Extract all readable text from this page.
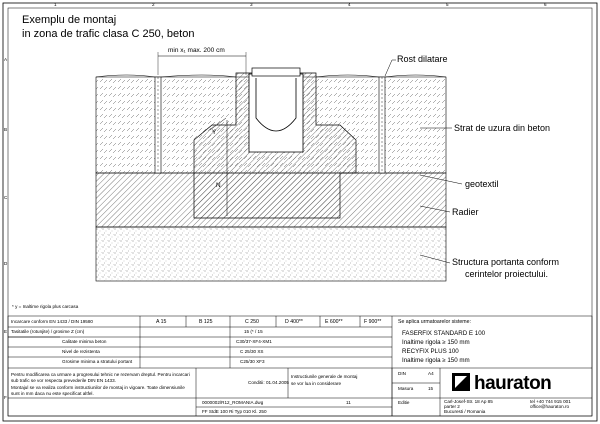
Exemplu de montaj
in zona de trafic clasa C 250, beton
min x₁ max. 200 cm
Rost dilatare
Strat de uzura din beton
geotextil
Radier
Structura portanta conform
cerintelor proiectului.
Y
N
* y = Inaltime rigola plus carcasa
A
B
C
D
E
F
1	2	3	4	5	6
Incarcare conform EN 1433 / DIN 19580	A 15	B 125	C 250	D 400**	E 600**	F 900**
Tasitatile (rotunjite) / grosime Z (cm)	15 (* / 15
Calitate minima beton	C30/37-XF4-XM1
Nivel de rezistenta	C 25/30 XS
Grosime minima a stratului portant	C25/30 XF3
Se aplica urmatoarelor sisteme:
FASERFIX STANDARD E 100
Inaltime rigola ≥ 150 mm
RECYFIX PLUS 100
Inaltime rigola ≥ 150 mm
Pentru modificarea ca urmare a progresului tehnic ne rezervam dreptul. Pentru incarcari sub trafic se vor respecta prevederile DIN EN 1433.
Montajul se va realiza conform instructiunilor de montaj in vigoare. Toate dimensiunile sunt in mm daca nu este specificat altfel.
Conditii: 01.04.2005
Instructiunile generale de montaj
se vor lua in considerare
0000002/R12_ROMANIA.dwg	11
FF StdE 100 Ri Typ 010 Kl. 250
DIN	A4
Masura	15
Editie
hauraton
Carl-Josef-Str. 18 Ap 85
parter 2
Bucuresti / Romania
tel +40 744 915 001
office@hauraton.ro
